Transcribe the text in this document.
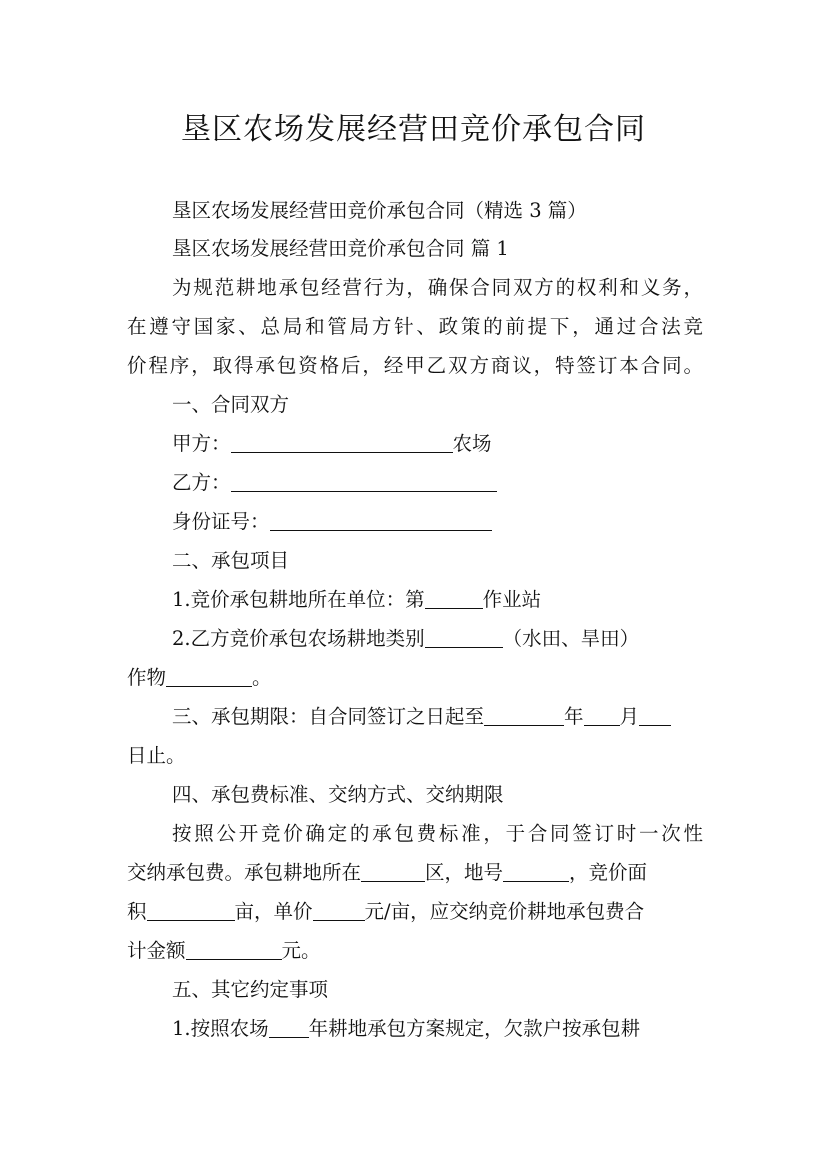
垦区农场发展经营田竞价承包合同
垦区农场发展经营田竞价承包合同（精选 3 篇）
垦区农场发展经营田竞价承包合同 篇 1
为规范耕地承包经营行为，确保合同双方的权利和义务，
在遵守国家、总局和管局方针、政策的前提下，通过合法竞
价程序，取得承包资格后，经甲乙双方商议，特签订本合同。
一、合同双方
甲方：	农场
乙方：
身份证号：
二、承包项目
1.竞价承包耕地所在单位：第	作业站
2.乙方竞价承包农场耕地类别	（水田、旱田）
作物	。
三、承包期限：自合同签订之日起至	年 月
日止。
四、承包费标准、交纳方式、交纳期限
按照公开竞价确定的承包费标准，于合同签订时一次性
交纳承包费。承包耕地所在	区，地号	，竞价面
积	亩，单价	元/亩，应交纳竞价耕地承包费合
计金额	元。
五、其它约定事项
1.按照农场 年耕地承包方案规定，欠款户按承包耕
